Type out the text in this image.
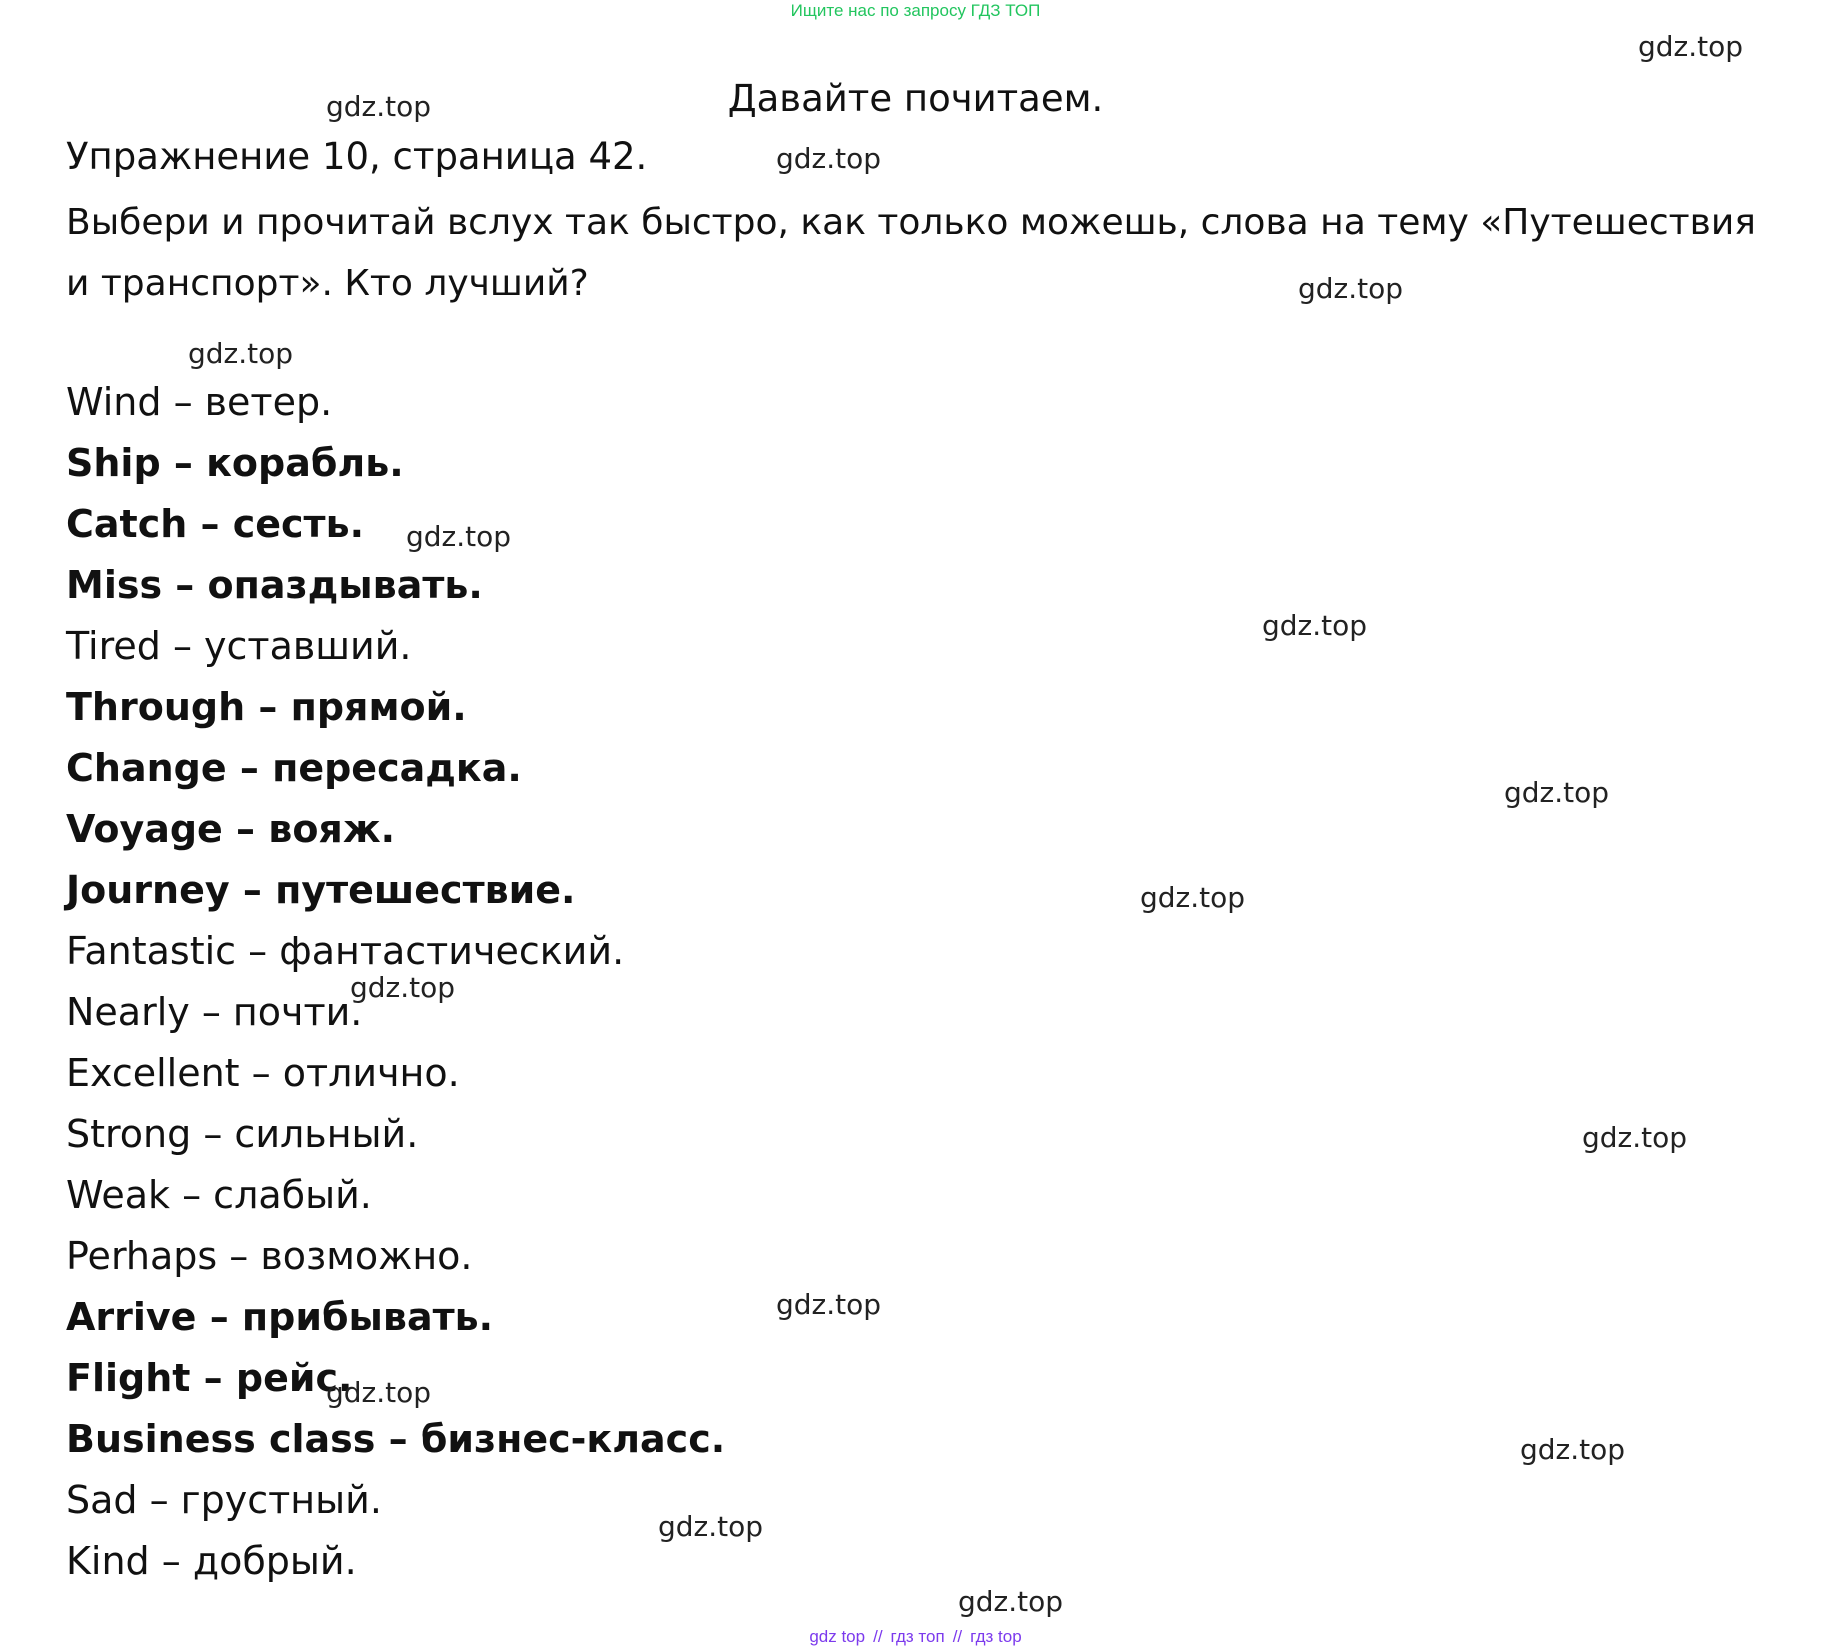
Ищите нас по запросу ГДЗ ТОП
Давайте почитаем.
Упражнение 10, страница 42.
Выбери и прочитай вслух так быстро, как только можешь, слова на тему «Путешествия и транспорт». Кто лучший?
Wind – ветер.
Ship – корабль.
Catch – сесть.
Miss – опаздывать.
Tired – уставший.
Through – прямой.
Change – пересадка.
Voyage – вояж.
Journey – путешествие.
Fantastic – фантастический.
Nearly – почти.
Excellent – отлично.
Strong – сильный.
Weak – слабый.
Perhaps – возможно.
Arrive – прибывать.
Flight – рейс.
Business class – бизнес-класс.
Sad – грустный.
Kind – добрый.
gdz.top
gdz.top
gdz.top
gdz.top
gdz.top
gdz.top
gdz.top
gdz.top
gdz.top
gdz.top
gdz.top
gdz.top
gdz.top
gdz.top
gdz.top
gdz.top
gdz top // гдз топ // гдз top
